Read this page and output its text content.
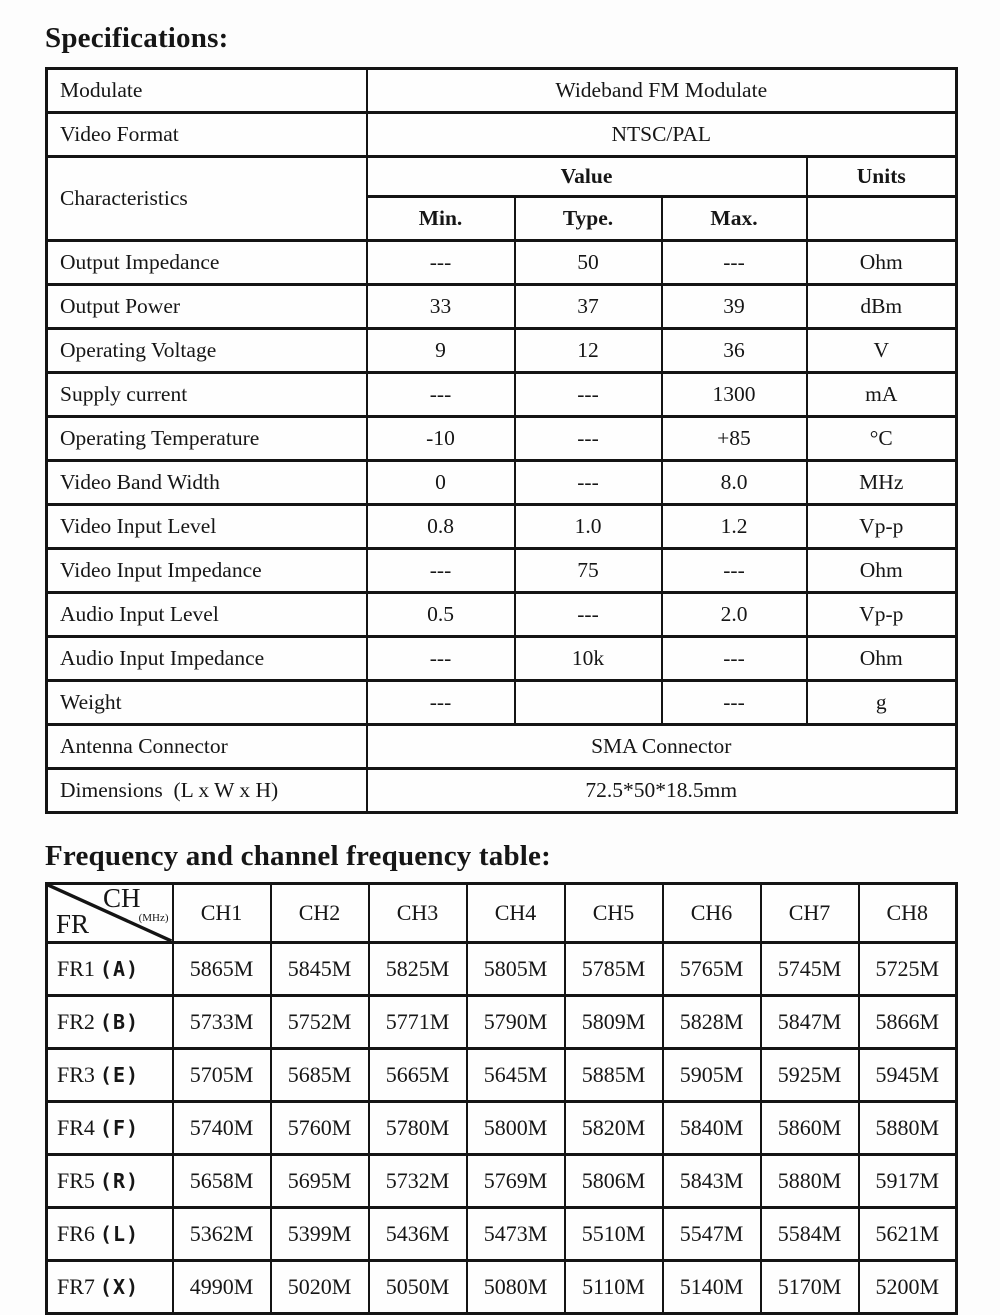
Specifications:
Modulate	Wideband FM Modulate			
Video Format	NTSC/PAL			
Characteristics	Value			Units
	Min.	Type.	Max.	
Output Impedance	---	50	---	Ohm
Output Power	33	37	39	dBm
Operating Voltage	9	12	36	V
Supply current	---	---	1300	mA
Operating Temperature	-10	---	+85	°C
Video Band Width	0	---	8.0	MHz
Video Input Level	0.8	1.0	1.2	Vp-p
Video Input Impedance	---	75	---	Ohm
Audio Input Level	0.5	---	2.0	Vp-p
Audio Input Impedance	---	10k	---	Ohm
Weight	---		---	g
Antenna Connector	SMA Connector			
Dimensions  (L x W x H)	72.5*50*18.5mm			
Frequency and channel frequency table:
CH
(MHz)
FR	CH1	CH2	CH3	CH4	CH5	CH6	CH7	CH8
FR1 (A)	5865M	5845M	5825M	5805M	5785M	5765M	5745M	5725M
FR2 (B)	5733M	5752M	5771M	5790M	5809M	5828M	5847M	5866M
FR3 (E)	5705M	5685M	5665M	5645M	5885M	5905M	5925M	5945M
FR4 (F)	5740M	5760M	5780M	5800M	5820M	5840M	5860M	5880M
FR5 (R)	5658M	5695M	5732M	5769M	5806M	5843M	5880M	5917M
FR6 (L)	5362M	5399M	5436M	5473M	5510M	5547M	5584M	5621M
FR7 (X)	4990M	5020M	5050M	5080M	5110M	5140M	5170M	5200M
